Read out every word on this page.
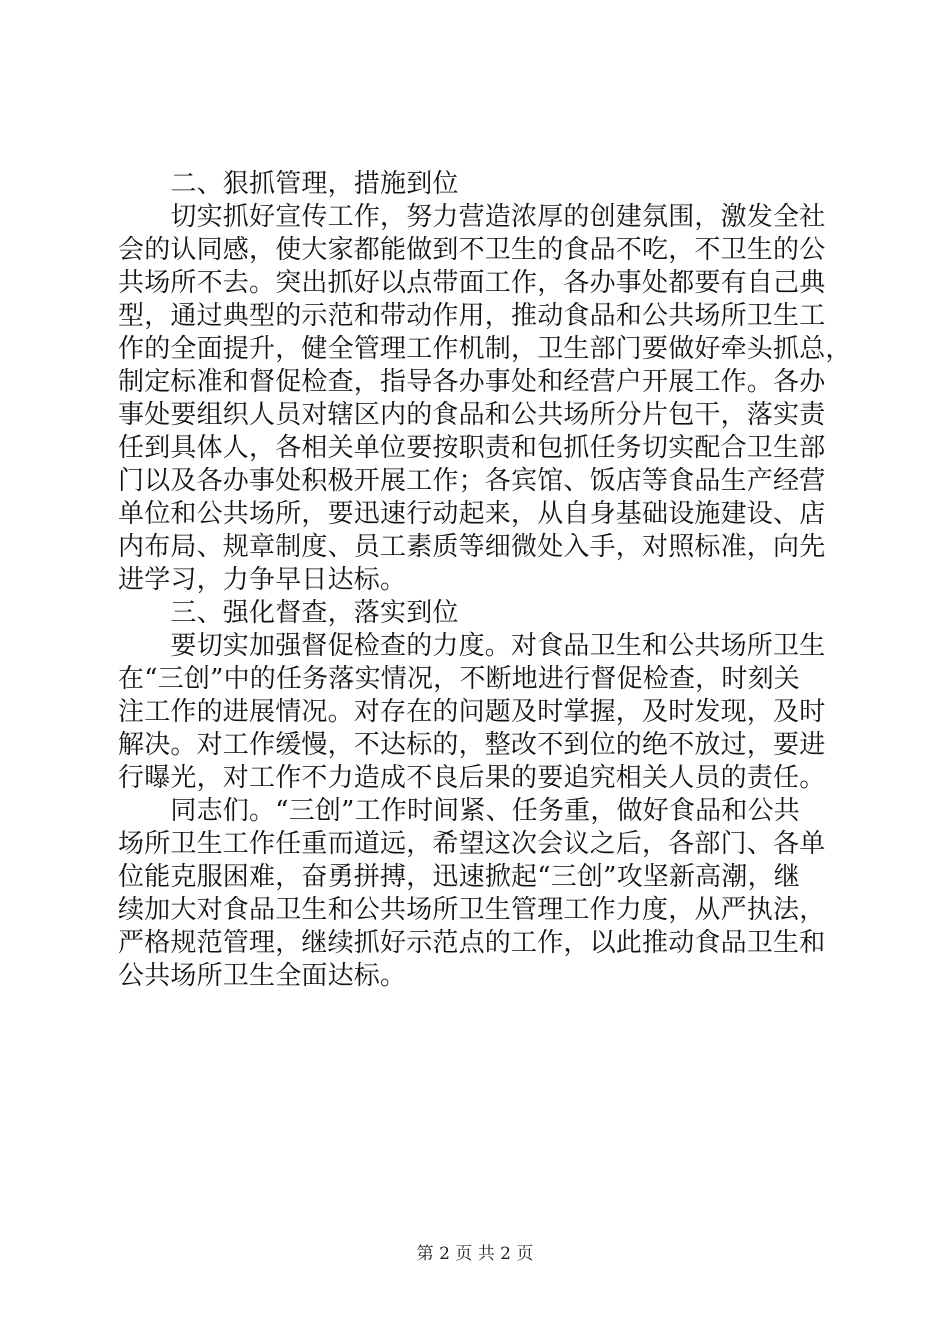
　　二、狠抓管理，措施到位
　　切实抓好宣传工作，努力营造浓厚的创建氛围，激发全社
会的认同感，使大家都能做到不卫生的食品不吃，不卫生的公
共场所不去。突出抓好以点带面工作，各办事处都要有自己典
型，通过典型的示范和带动作用，推动食品和公共场所卫生工
作的全面提升，健全管理工作机制，卫生部门要做好牵头抓总，
制定标准和督促检查，指导各办事处和经营户开展工作。各办
事处要组织人员对辖区内的食品和公共场所分片包干，落实责
任到具体人，各相关单位要按职责和包抓任务切实配合卫生部
门以及各办事处积极开展工作；各宾馆、饭店等食品生产经营
单位和公共场所，要迅速行动起来，从自身基础设施建设、店
内布局、规章制度、员工素质等细微处入手，对照标准，向先
进学习，力争早日达标。
　　三、强化督查，落实到位
　　要切实加强督促检查的力度。对食品卫生和公共场所卫生
在“三创”中的任务落实情况，不断地进行督促检查，时刻关
注工作的进展情况。对存在的问题及时掌握，及时发现，及时
解决。对工作缓慢，不达标的，整改不到位的绝不放过，要进
行曝光，对工作不力造成不良后果的要追究相关人员的责任。
　　同志们。“三创”工作时间紧、任务重，做好食品和公共
场所卫生工作任重而道远，希望这次会议之后，各部门、各单
位能克服困难，奋勇拼搏，迅速掀起“三创”攻坚新高潮，继
续加大对食品卫生和公共场所卫生管理工作力度，从严执法，
严格规范管理，继续抓好示范点的工作，以此推动食品卫生和
公共场所卫生全面达标。
第 2 页 共 2 页
